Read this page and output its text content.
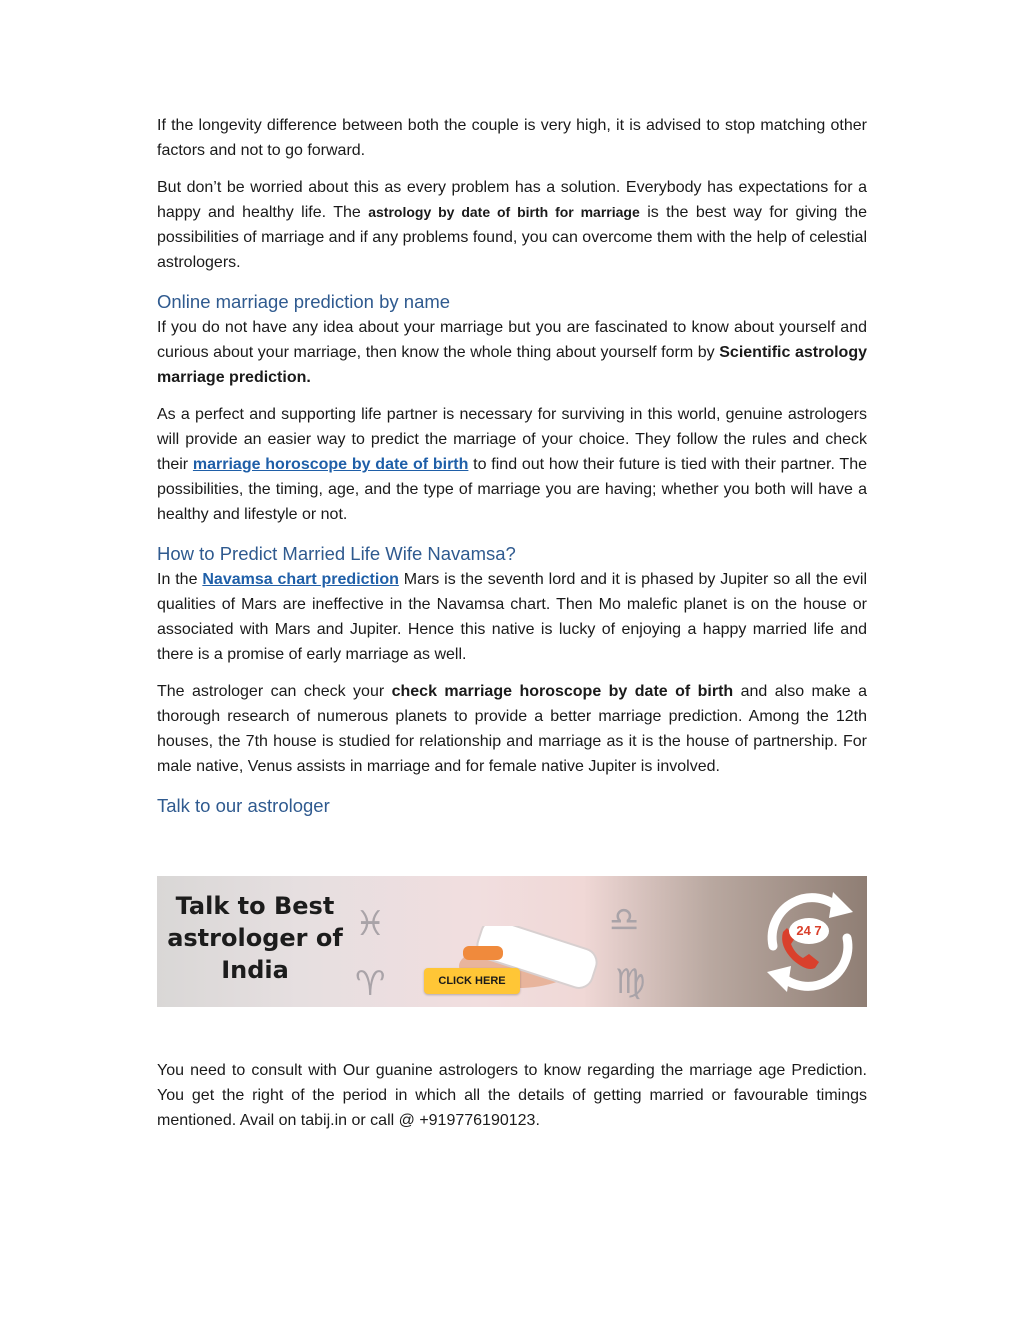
If the longevity difference between both the couple is very high, it is advised to stop matching other factors and not to go forward.

But don’t be worried about this as every problem has a solution. Everybody has expectations for a happy and healthy life. The astrology by date of birth for marriage is the best way for giving the possibilities of marriage and if any problems found, you can overcome them with the help of celestial astrologers.

Online marriage prediction by name

If you do not have any idea about your marriage but you are fascinated to know about yourself and curious about your marriage, then know the whole thing about yourself form by Scientific astrology marriage prediction.

As a perfect and supporting life partner is necessary for surviving in this world, genuine astrologers will provide an easier way to predict the marriage of your choice. They follow the rules and check their marriage horoscope by date of birth to find out how their future is tied with their partner. The possibilities, the timing, age, and the type of marriage you are having; whether you both will have a healthy and lifestyle or not.

How to Predict Married Life Wife Navamsa?

In the Navamsa chart prediction Mars is the seventh lord and it is phased by Jupiter so all the evil qualities of Mars are ineffective in the Navamsa chart. Then Mo malefic planet is on the house or associated with Mars and Jupiter. Hence this native is lucky of enjoying a happy married life and there is a promise of early marriage as well.

The astrologer can check your check marriage horoscope by date of birth and also make a thorough research of numerous planets to provide a better marriage prediction. Among the 12th houses, the 7th house is studied for relationship and marriage as it is the house of partnership. For male native, Venus assists in marriage and for female native Jupiter is involved.

Talk to our astrologer
Talk to Best
astrologer of
India
♓
♈
♎
♍
CLICK HERE
24 7

You need to consult with Our guanine astrologers to know regarding the marriage age Prediction. You get the right of the period in which all the details of getting married or favourable timings mentioned. Avail on tabij.in or call @ +919776190123.
